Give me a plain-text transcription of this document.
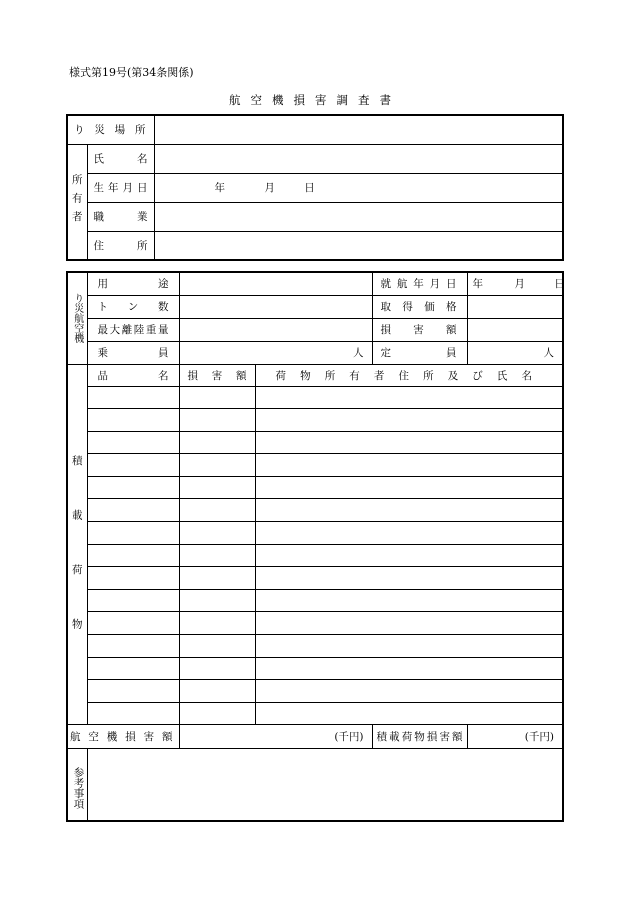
様式第19号(第34条関係)
航空機損害調査書
り災場所		

所有者	氏名	

	生年月日	年 月 日

	職業	

	住所	

り災航空機	用途			就航年月日	年 月 日

	トン数			取得価格	

	最大離陸重量			損害額	

	乗員	人		定員	人
積載荷物	品名	損害額	荷物所有者住所及び氏名		

航空機損害額		(千円)		積載荷物損害額	(千円)
参考事項					
